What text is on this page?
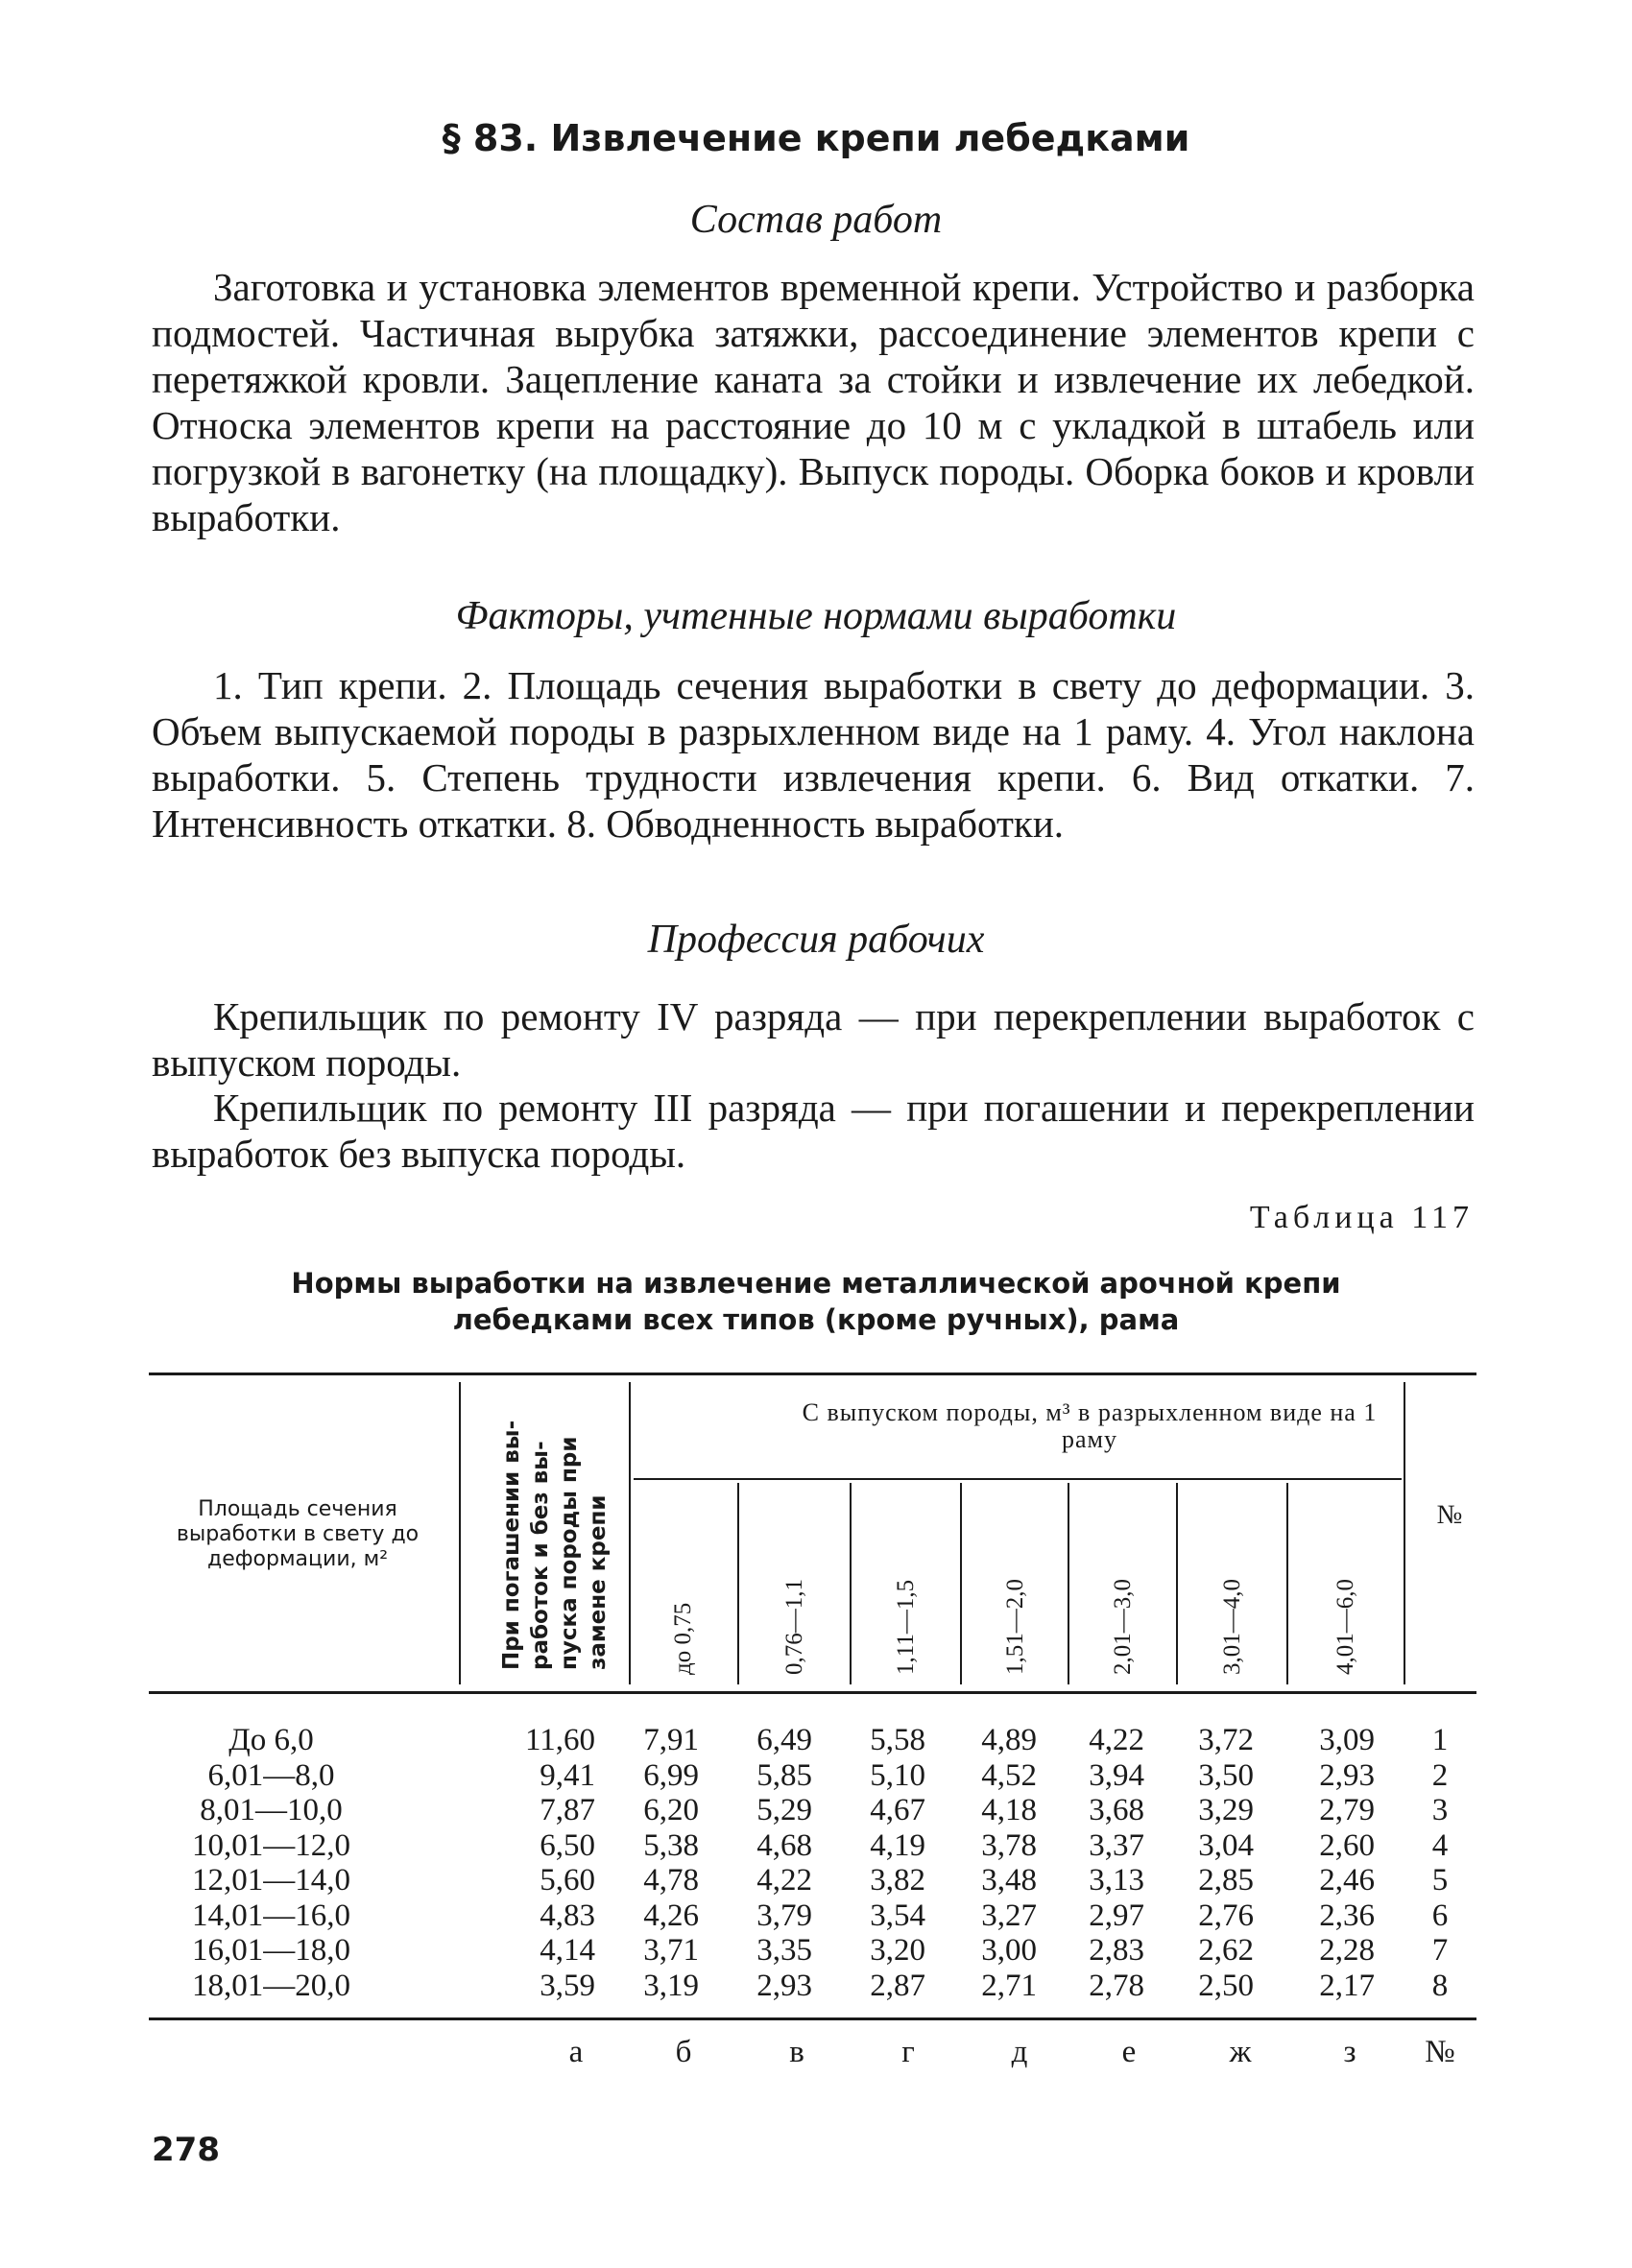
§ 83. Извлечение крепи лебедками
Состав работ

Заготовка и установка элементов временной крепи. Устройство и разборка подмостей. Частичная вырубка затяжки, рассоединение элементов крепи с перетяжкой кровли. Зацепление каната за стойки и извлечение их лебедкой. Относка элементов крепи на расстояние до 10 м с укладкой в штабель или погрузкой в вагонетку (на площадку). Выпуск породы. Оборка боков и кровли выработки.

Факторы, учтенные нормами выработки

1. Тип крепи. 2. Площадь сечения выработки в свету до деформации. 3. Объем выпускаемой породы в разрыхленном виде на 1 раму. 4. Угол наклона выработки. 5. Степень трудности извлечения крепи. 6. Вид откатки. 7. Интенсивность откатки. 8. Обводненность выработки.

Профессия рабочих

Крепильщик по ремонту IV разряда — при перекреплении выработок с выпуском породы.

Крепильщик по ремонту III разряда — при погашении и перекреплении выработок без выпуска породы.

Таблица 117
Нормы выработки на извлечение металлической арочной крепи
лебедками всех типов (кроме ручных), рама
Площадь сечения выработки в свету до деформации, м²	При погашении вы- работок и без вы- пуска породы при замене крепи
С выпуском породы, м³ в разрыхленном виде на 1 раму
№
до 0,75	0,76—1,1	1,11—1,5	1,51—2,0	2,01—3,0	3,01—4,0	4,01—6,0
До 6,0	11,60	7,91	6,49	5,58	4,89	4,22	3,72	3,09	1
6,01—8,0	9,41	6,99	5,85	5,10	4,52	3,94	3,50	2,93	2
8,01—10,0	7,87	6,20	5,29	4,67	4,18	3,68	3,29	2,79	3
10,01—12,0	6,50	5,38	4,68	4,19	3,78	3,37	3,04	2,60	4
12,01—14,0	5,60	4,78	4,22	3,82	3,48	3,13	2,85	2,46	5
14,01—16,0	4,83	4,26	3,79	3,54	3,27	2,97	2,76	2,36	6
16,01—18,0	4,14	3,71	3,35	3,20	3,00	2,83	2,62	2,28	7
18,01—20,0	3,59	3,19	2,93	2,87	2,71	2,78	2,50	2,17	8
а	б	в	г	д	е	ж	з	№
278
